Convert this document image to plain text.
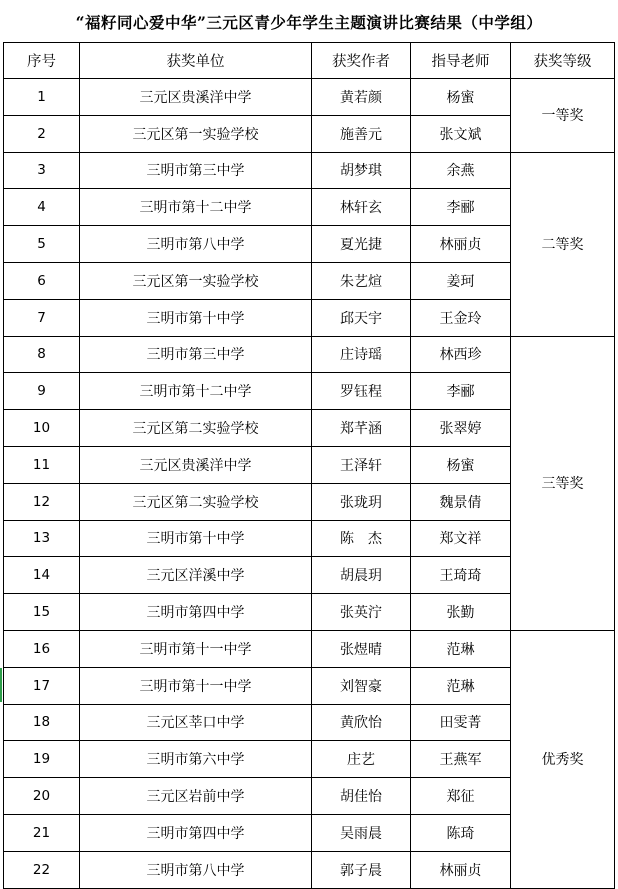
“福籽同心爱中华”三元区青少年学生主题演讲比赛结果（中学组）
序号	获奖单位	获奖作者	指导老师	获奖等级
1	三元区贵溪洋中学	黄若颜	杨蜜	一等奖
2	三元区第一实验学校	施善元	张文斌	
3	三明市第三中学	胡梦琪	余燕	二等奖
4	三明市第十二中学	林轩玄	李郦	
5	三明市第八中学	夏光捷	林丽贞	
6	三元区第一实验学校	朱艺煊	姜珂	
7	三明市第十中学	邱天宇	王金玲	
8	三明市第三中学	庄诗瑶	林西珍	三等奖
9	三明市第十二中学	罗钰程	李郦	
10	三元区第二实验学校	郑芊涵	张翠婷	
11	三元区贵溪洋中学	王泽轩	杨蜜	
12	三元区第二实验学校	张珑玥	魏景倩	
13	三明市第十中学	陈　杰	郑文祥	
14	三元区洋溪中学	胡晨玥	王琦琦	
15	三明市第四中学	张英泞	张勤	
16	三明市第十一中学	张煜晴	范琳	优秀奖
17	三明市第十一中学	刘智豪	范琳	
18	三元区莘口中学	黄欣怡	田雯菁	
19	三明市第六中学	庄艺	王燕军	
20	三元区岩前中学	胡佳怡	郑征	
21	三明市第四中学	吴雨晨	陈琦	
22	三明市第八中学	郭子晨	林丽贞	
